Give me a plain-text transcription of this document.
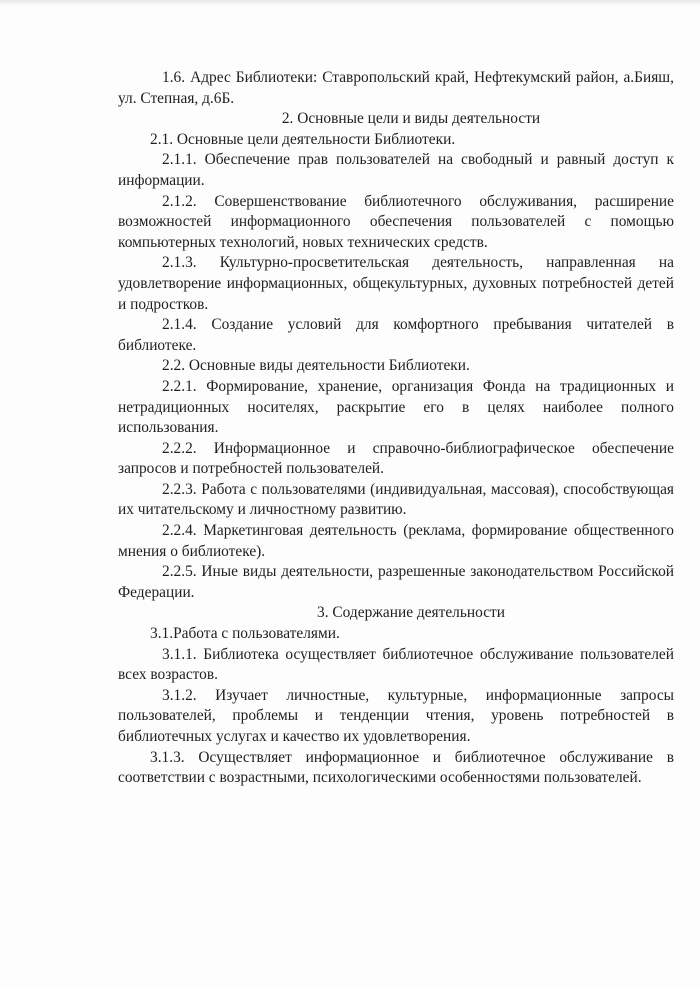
1.6. Адрес Библиотеки: Ставропольский край, Нефтекумский район, а.Бияш, ул. Степная, д.6Б.

2. Основные цели и виды деятельности

2.1. Основные цели деятельности Библиотеки.

2.1.1. Обеспечение прав пользователей на свободный и равный доступ к информации.

2.1.2. Совершенствование библиотечного обслуживания, расширение возможностей информационного обеспечения пользователей с помощью компьютерных технологий, новых технических средств.

2.1.3. Культурно-просветительская деятельность, направленная на удовлетворение информационных, общекультурных, духовных потребностей детей и подростков.

2.1.4. Создание условий для комфортного пребывания читателей в библиотеке.

2.2. Основные виды деятельности Библиотеки.

2.2.1. Формирование, хранение, организация Фонда на традиционных и нетрадиционных носителях, раскрытие его в целях наиболее полного использования.

2.2.2. Информационное и справочно-библиографическое обеспечение запросов и потребностей пользователей.

2.2.3. Работа с пользователями (индивидуальная, массовая), способствующая их читательскому и личностному развитию.

2.2.4. Маркетинговая деятельность (реклама, формирование общественного мнения о библиотеке).

2.2.5. Иные виды деятельности, разрешенные законодательством Российской Федерации.

3. Содержание деятельности

3.1.Работа с пользователями.

3.1.1. Библиотека осуществляет библиотечное обслуживание пользователей всех возрастов.

3.1.2. Изучает личностные, культурные, информационные запросы пользователей, проблемы и тенденции чтения, уровень потребностей в библиотечных услугах и качество их удовлетворения.

3.1.3. Осуществляет информационное и библиотечное обслуживание в соответствии с возрастными, психологическими особенностями пользователей.
